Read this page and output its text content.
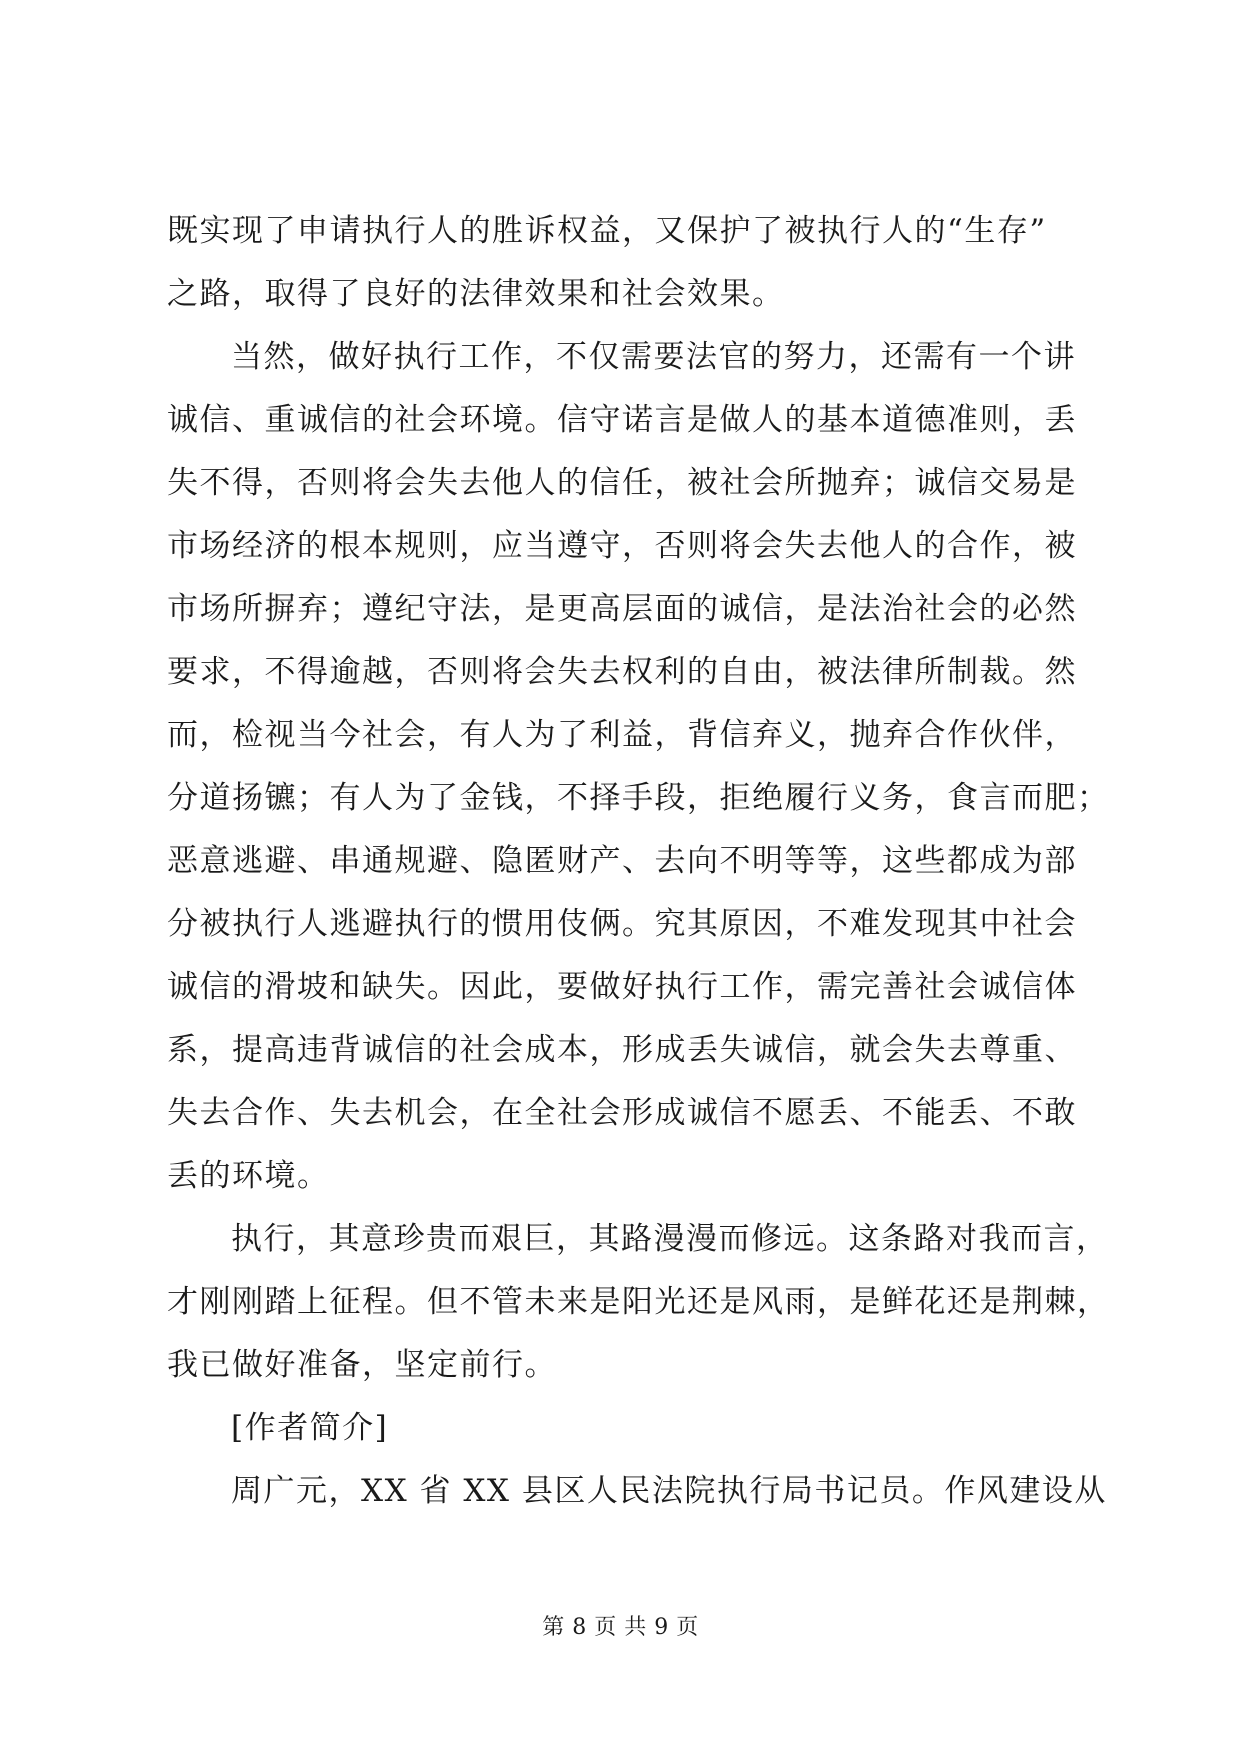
既实现了申请执行人的胜诉权益，又保护了被执行人的“生存”
之路，取得了良好的法律效果和社会效果。
当然，做好执行工作，不仅需要法官的努力，还需有一个讲
诚信、重诚信的社会环境。信守诺言是做人的基本道德准则，丢
失不得，否则将会失去他人的信任，被社会所抛弃；诚信交易是
市场经济的根本规则，应当遵守，否则将会失去他人的合作，被
市场所摒弃；遵纪守法，是更高层面的诚信，是法治社会的必然
要求，不得逾越，否则将会失去权利的自由，被法律所制裁。然
而，检视当今社会，有人为了利益，背信弃义，抛弃合作伙伴，
分道扬镳；有人为了金钱，不择手段，拒绝履行义务，食言而肥；
恶意逃避、串通规避、隐匿财产、去向不明等等，这些都成为部
分被执行人逃避执行的惯用伎俩。究其原因，不难发现其中社会
诚信的滑坡和缺失。因此，要做好执行工作，需完善社会诚信体
系，提高违背诚信的社会成本，形成丢失诚信，就会失去尊重、
失去合作、失去机会，在全社会形成诚信不愿丢、不能丢、不敢
丢的环境。
执行，其意珍贵而艰巨，其路漫漫而修远。这条路对我而言，
才刚刚踏上征程。但不管未来是阳光还是风雨，是鲜花还是荆棘，
我已做好准备，坚定前行。
[作者简介]
周广元，XX 省 XX 县区人民法院执行局书记员。作风建设从
第 8 页 共 9 页
